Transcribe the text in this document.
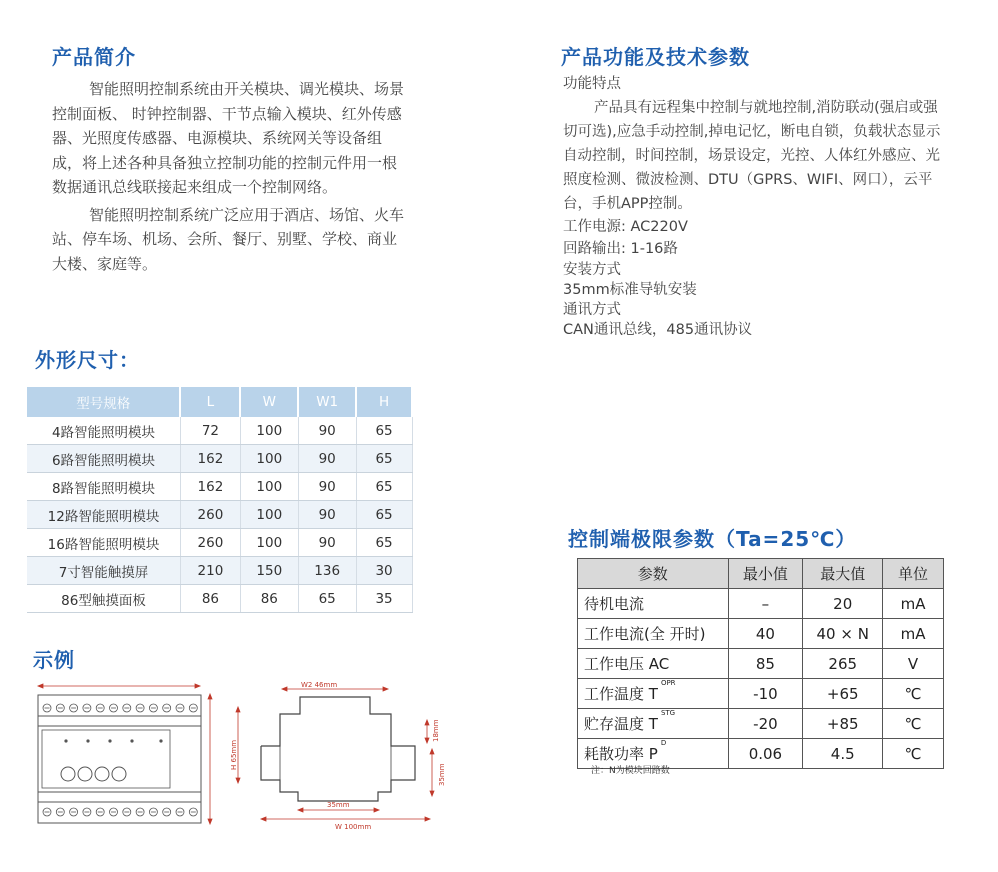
产品简介
智能照明控制系统由开关模块、调光模块、场景
控制面板、 时钟控制器、干节点输入模块、红外传感
器、光照度传感器、电源模块、系统网关等设备组
成，将上述各种具备独立控制功能的控制元件用一根
数据通讯总线联接起来组成一个控制网络。
智能照明控制系统广泛应用于酒店、场馆、火车
站、停车场、机场、会所、餐厅、别墅、学校、商业
大楼、家庭等。
产品功能及技术参数
功能特点
产品具有远程集中控制与就地控制,消防联动(强启或强
切可选),应急手动控制,掉电记忆，断电自锁，负载状态显示
自动控制，时间控制，场景设定，光控、人体红外感应、光
照度检测、微波检测、DTU（GPRS、WIFI、网口），云平
台，手机APP控制。
工作电源: AC220V
回路输出: 1-16路
安装方式
35mm标准导轨安装
通讯方式
CAN通讯总线，485通讯协议
外形尺寸：
型号规格	L	W	W1	H
4路智能照明模块	72	100	90	65
6路智能照明模块	162	100	90	65
8路智能照明模块	162	100	90	65
12路智能照明模块	260	100	90	65
16路智能照明模块	260	100	90	65
7寸智能触摸屏	210	150	136	30
86型触摸面板	86	86	65	35
控制端极限参数（Ta=25℃）
参数	最小值	最大值	单位
待机电流	–	20	mA
工作电流(全 开时)	40	40 × N	mA
工作电压 AC	85	265	V
工作温度 $T^{OPR}$	-10	+65	℃
贮存温度 $T^{STG}$	-20	+85	℃
耗散功率 $P^D$	0.06	4.5	℃
注：N为模块回路数
示例
W2 46mm
H 65mm
18mm
35mm
35mm
W 100mm
